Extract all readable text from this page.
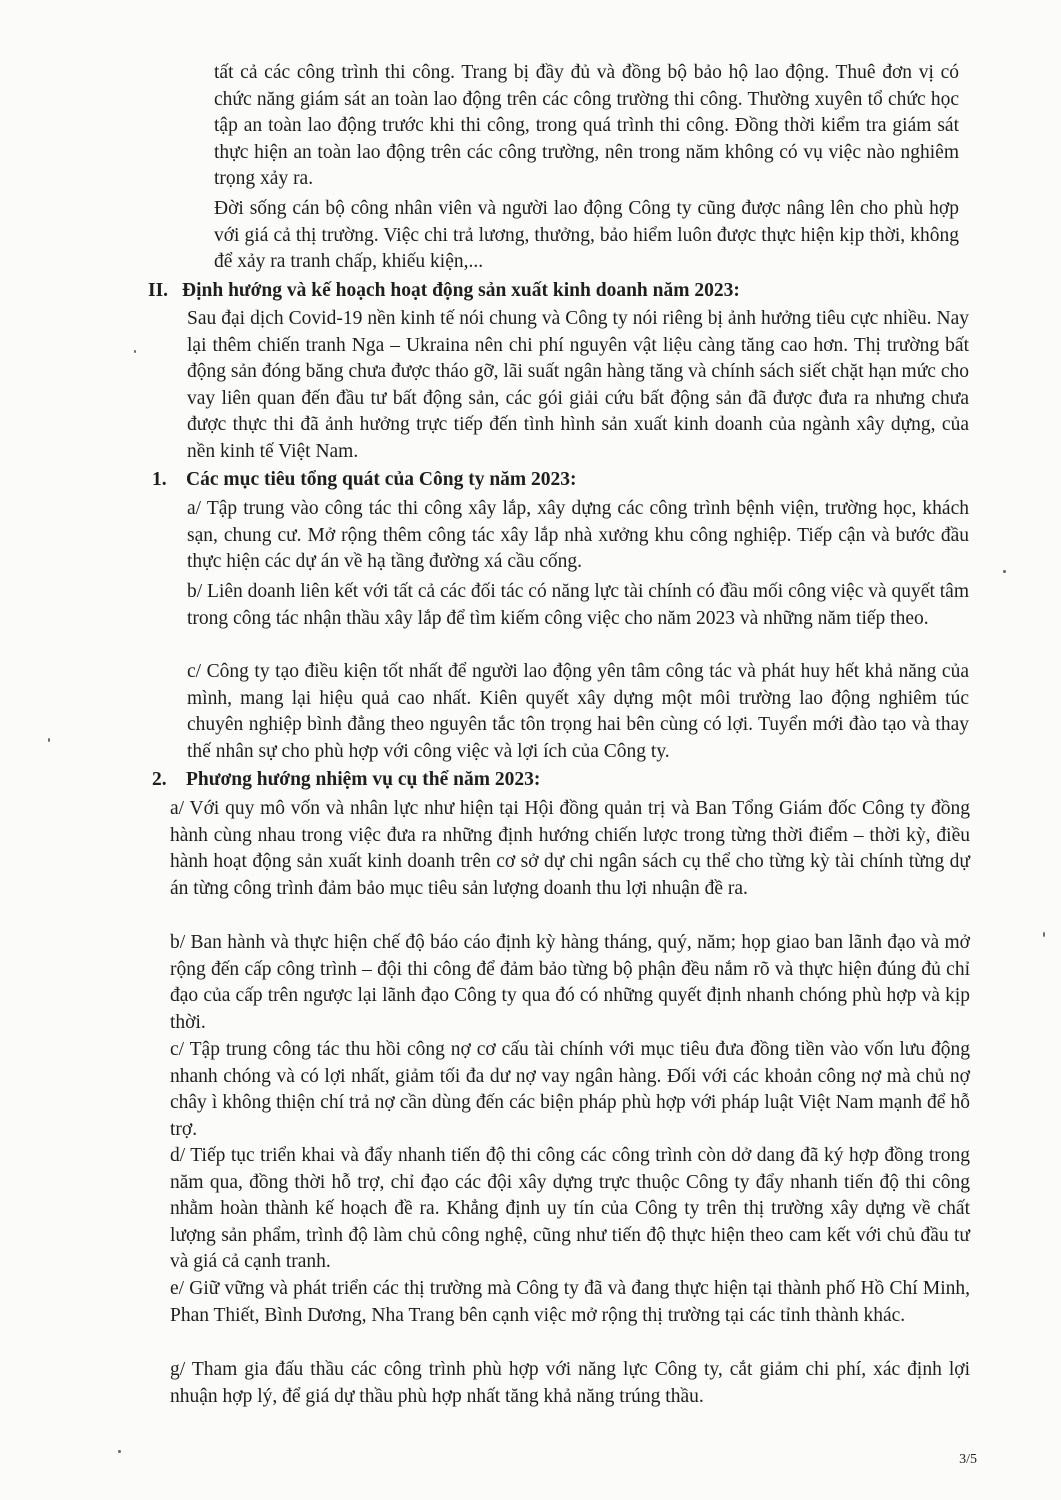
tất cả các công trình thi công. Trang bị đầy đủ và đồng bộ bảo hộ lao động. Thuê đơn vị có chức năng giám sát an toàn lao động trên các công trường thi công. Thường xuyên tổ chức học tập an toàn lao động trước khi thi công, trong quá trình thi công. Đồng thời kiểm tra giám sát thực hiện an toàn lao động trên các công trường, nên trong năm không có vụ việc nào nghiêm trọng xảy ra.

Đời sống cán bộ công nhân viên và người lao động Công ty cũng được nâng lên cho phù hợp với giá cả thị trường. Việc chi trả lương, thưởng, bảo hiểm luôn được thực hiện kịp thời, không để xảy ra tranh chấp, khiếu kiện,...

II. Định hướng và kế hoạch hoạt động sản xuất kinh doanh năm 2023:

Sau đại dịch Covid-19 nền kinh tế nói chung và Công ty nói riêng bị ảnh hưởng tiêu cực nhiều. Nay lại thêm chiến tranh Nga – Ukraina nên chi phí nguyên vật liệu càng tăng cao hơn. Thị trường bất động sản đóng băng chưa được tháo gỡ, lãi suất ngân hàng tăng và chính sách siết chặt hạn mức cho vay liên quan đến đầu tư bất động sản, các gói giải cứu bất động sản đã được đưa ra nhưng chưa được thực thi đã ảnh hưởng trực tiếp đến tình hình sản xuất kinh doanh của ngành xây dựng, của nền kinh tế Việt Nam.

1. Các mục tiêu tổng quát của Công ty năm 2023:

a/ Tập trung vào công tác thi công xây lắp, xây dựng các công trình bệnh viện, trường học, khách sạn, chung cư. Mở rộng thêm công tác xây lắp nhà xưởng khu công nghiệp. Tiếp cận và bước đầu thực hiện các dự án về hạ tầng đường xá cầu cống.

b/ Liên doanh liên kết với tất cả các đối tác có năng lực tài chính có đầu mối công việc và quyết tâm trong công tác nhận thầu xây lắp để tìm kiếm công việc cho năm 2023 và những năm tiếp theo.

c/ Công ty tạo điều kiện tốt nhất để người lao động yên tâm công tác và phát huy hết khả năng của mình, mang lại hiệu quả cao nhất. Kiên quyết xây dựng một môi trường lao động nghiêm túc chuyên nghiệp bình đẳng theo nguyên tắc tôn trọng hai bên cùng có lợi. Tuyển mới đào tạo và thay thế nhân sự cho phù hợp với công việc và lợi ích của Công ty.

2. Phương hướng nhiệm vụ cụ thể năm 2023:

a/ Với quy mô vốn và nhân lực như hiện tại Hội đồng quản trị và Ban Tổng Giám đốc Công ty đồng hành cùng nhau trong việc đưa ra những định hướng chiến lược trong từng thời điểm – thời kỳ, điều hành hoạt động sản xuất kinh doanh trên cơ sở dự chi ngân sách cụ thể cho từng kỳ tài chính từng dự án từng công trình đảm bảo mục tiêu sản lượng doanh thu lợi nhuận đề ra.

b/ Ban hành và thực hiện chế độ báo cáo định kỳ hàng tháng, quý, năm; họp giao ban lãnh đạo và mở rộng đến cấp công trình – đội thi công để đảm bảo từng bộ phận đều nắm rõ và thực hiện đúng đủ chỉ đạo của cấp trên ngược lại lãnh đạo Công ty qua đó có những quyết định nhanh chóng phù hợp và kịp thời.

c/ Tập trung công tác thu hồi công nợ cơ cấu tài chính với mục tiêu đưa đồng tiền vào vốn lưu động nhanh chóng và có lợi nhất, giảm tối đa dư nợ vay ngân hàng. Đối với các khoản công nợ mà chủ nợ chây ì không thiện chí trả nợ cần dùng đến các biện pháp phù hợp với pháp luật Việt Nam mạnh để hỗ trợ.

d/ Tiếp tục triển khai và đẩy nhanh tiến độ thi công các công trình còn dở dang đã ký hợp đồng trong năm qua, đồng thời hỗ trợ, chỉ đạo các đội xây dựng trực thuộc Công ty đẩy nhanh tiến độ thi công nhằm hoàn thành kế hoạch đề ra. Khẳng định uy tín của Công ty trên thị trường xây dựng về chất lượng sản phẩm, trình độ làm chủ công nghệ, cũng như tiến độ thực hiện theo cam kết với chủ đầu tư và giá cả cạnh tranh.

e/ Giữ vững và phát triển các thị trường mà Công ty đã và đang thực hiện tại thành phố Hồ Chí Minh, Phan Thiết, Bình Dương, Nha Trang bên cạnh việc mở rộng thị trường tại các tỉnh thành khác.

g/ Tham gia đấu thầu các công trình phù hợp với năng lực Công ty, cắt giảm chi phí, xác định lợi nhuận hợp lý, để giá dự thầu phù hợp nhất tăng khả năng trúng thầu.

3/5
